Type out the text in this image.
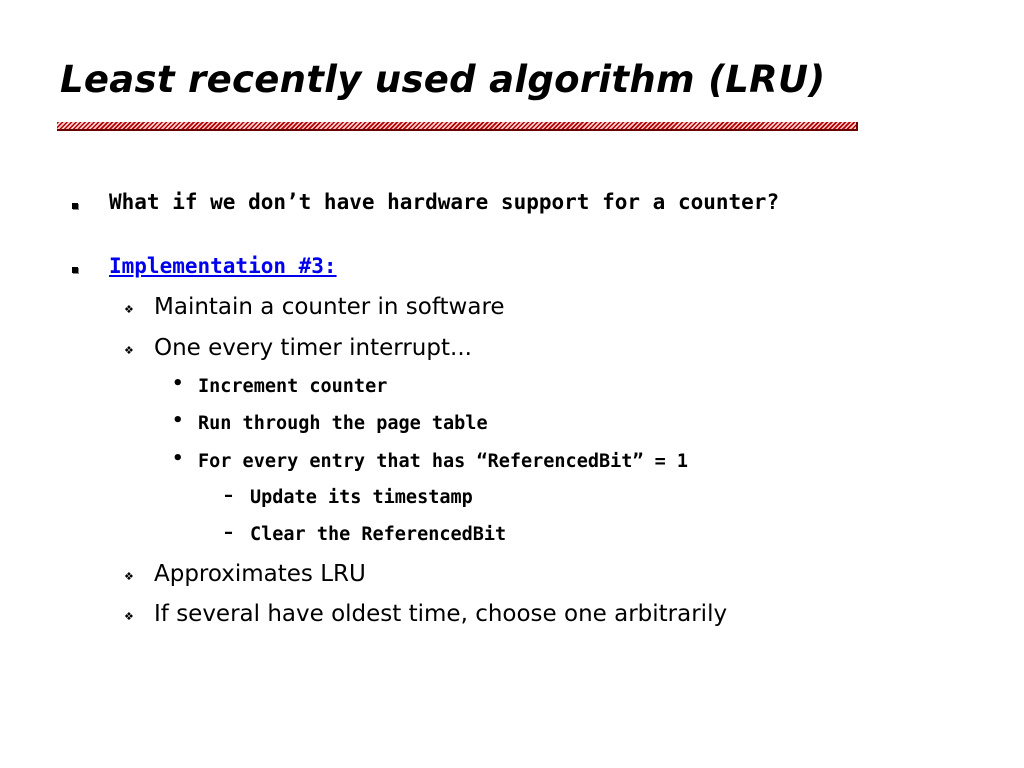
Least recently used algorithm (LRU)
What if we don’t have hardware support for a counter?
Implementation #3:
❖ Maintain a counter in software
❖ One every timer interrupt...
• Increment counter
• Run through the page table
• For every entry that has “ReferencedBit” = 1
– Update its timestamp
– Clear the ReferencedBit
❖ Approximates LRU
❖ If several have oldest time, choose one arbitrarily
